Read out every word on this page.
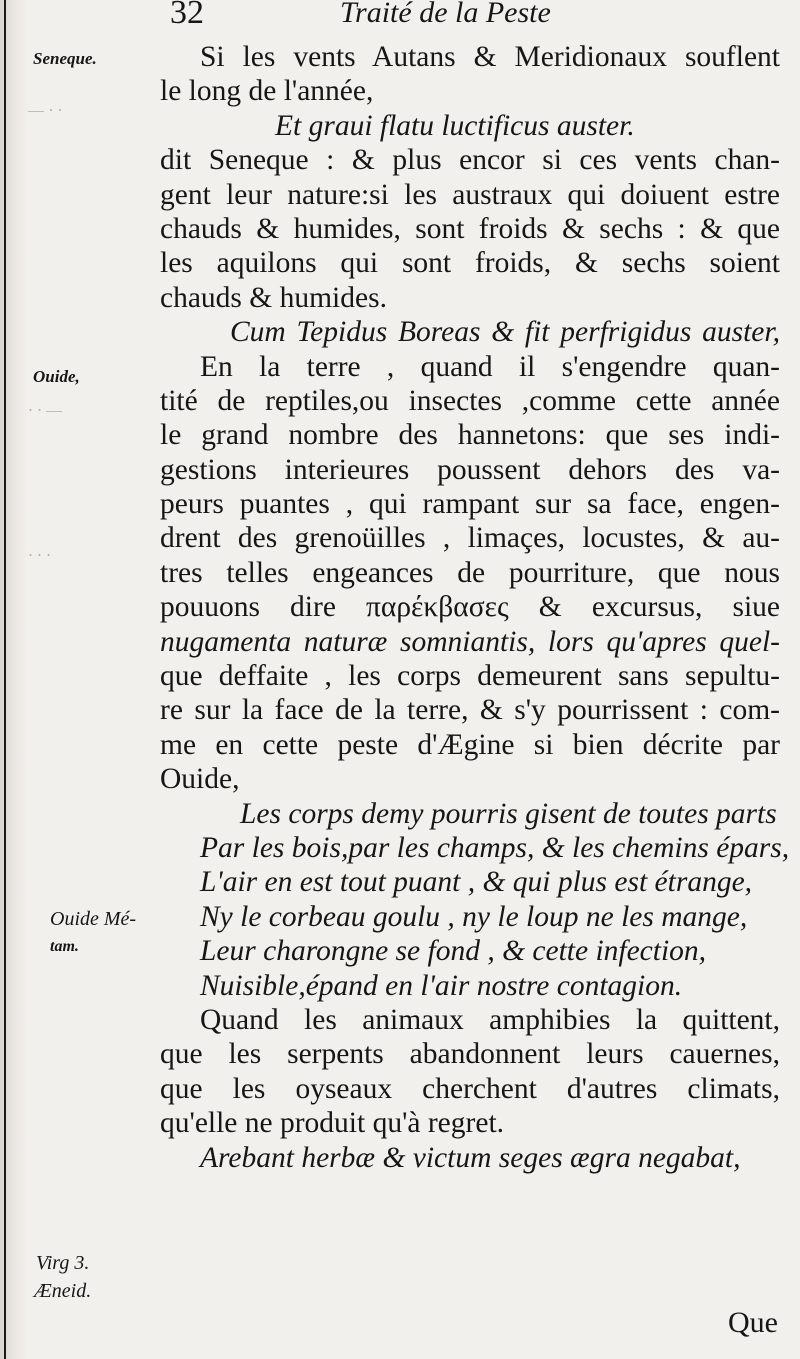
— · ·
· · —
· · ·
32	Traité de la Peste
Seneque.
Ouide,
Ouide Mé-
tam.
Virg 3.
Æneid.
Si les vents Autans & Meridionaux souflent
le long de l'année,
Et graui flatu luctificus auster.
dit Seneque : & plus encor si ces vents chan-
gent leur nature:si les austraux qui doiuent estre
chauds & humides, sont froids & sechs : & que
les aquilons qui sont froids, & sechs soient
chauds & humides.
Cum Tepidus Boreas & fit perfrigidus auster,
En la terre , quand il s'engendre quan-
tité de reptiles,ou insectes ,comme cette année
le grand nombre des hannetons: que ses indi-
gestions interieures poussent dehors des va-
peurs puantes , qui rampant sur sa face, engen-
drent des grenoüilles , limaçes, locustes, & au-
tres telles engeances de pourriture, que nous
pouuons dire παρέκβασες & excursus, siue
nugamenta naturæ somniantis, lors qu'apres quel-
que deffaite , les corps demeurent sans sepultu-
re sur la face de la terre, & s'y pourrissent : com-
me en cette peste d'Ægine si bien décrite par
Ouide,
Les corps demy pourris gisent de toutes parts
Par les bois,par les champs, & les chemins épars,
L'air en est tout puant , & qui plus est étrange,
Ny le corbeau goulu , ny le loup ne les mange,
Leur charongne se fond , & cette infection,
Nuisible,épand en l'air nostre contagion.
Quand les animaux amphibies la quittent,
que les serpents abandonnent leurs cauernes,
que les oyseaux cherchent d'autres climats,
qu'elle ne produit qu'à regret.
Arebant herbæ & victum seges ægra negabat,
Que
